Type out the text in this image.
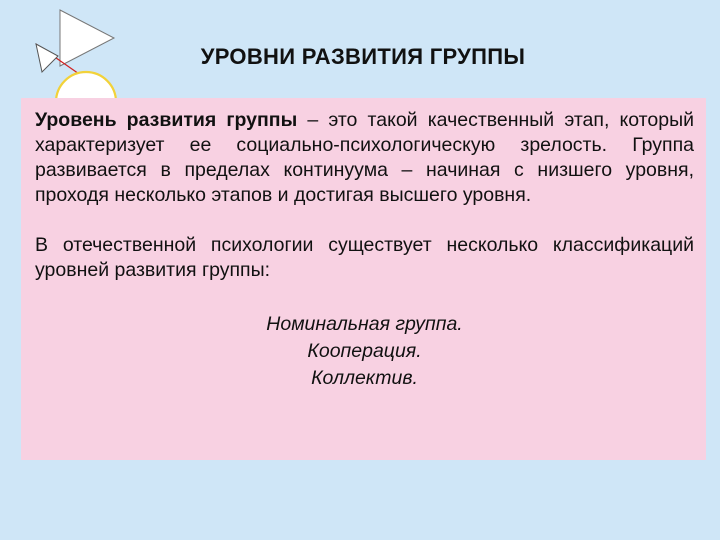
УРОВНИ РАЗВИТИЯ ГРУППЫ

Уровень развития группы – это такой качественный этап, который характеризует ее социально-психологическую зрелость. Группа развивается в пределах континуума – начиная с низшего уровня, проходя несколько этапов и достигая высшего уровня.

В отечественной психологии существует несколько классификаций уровней развития группы:

Номинальная группа.
Кооперация.
Коллектив.
